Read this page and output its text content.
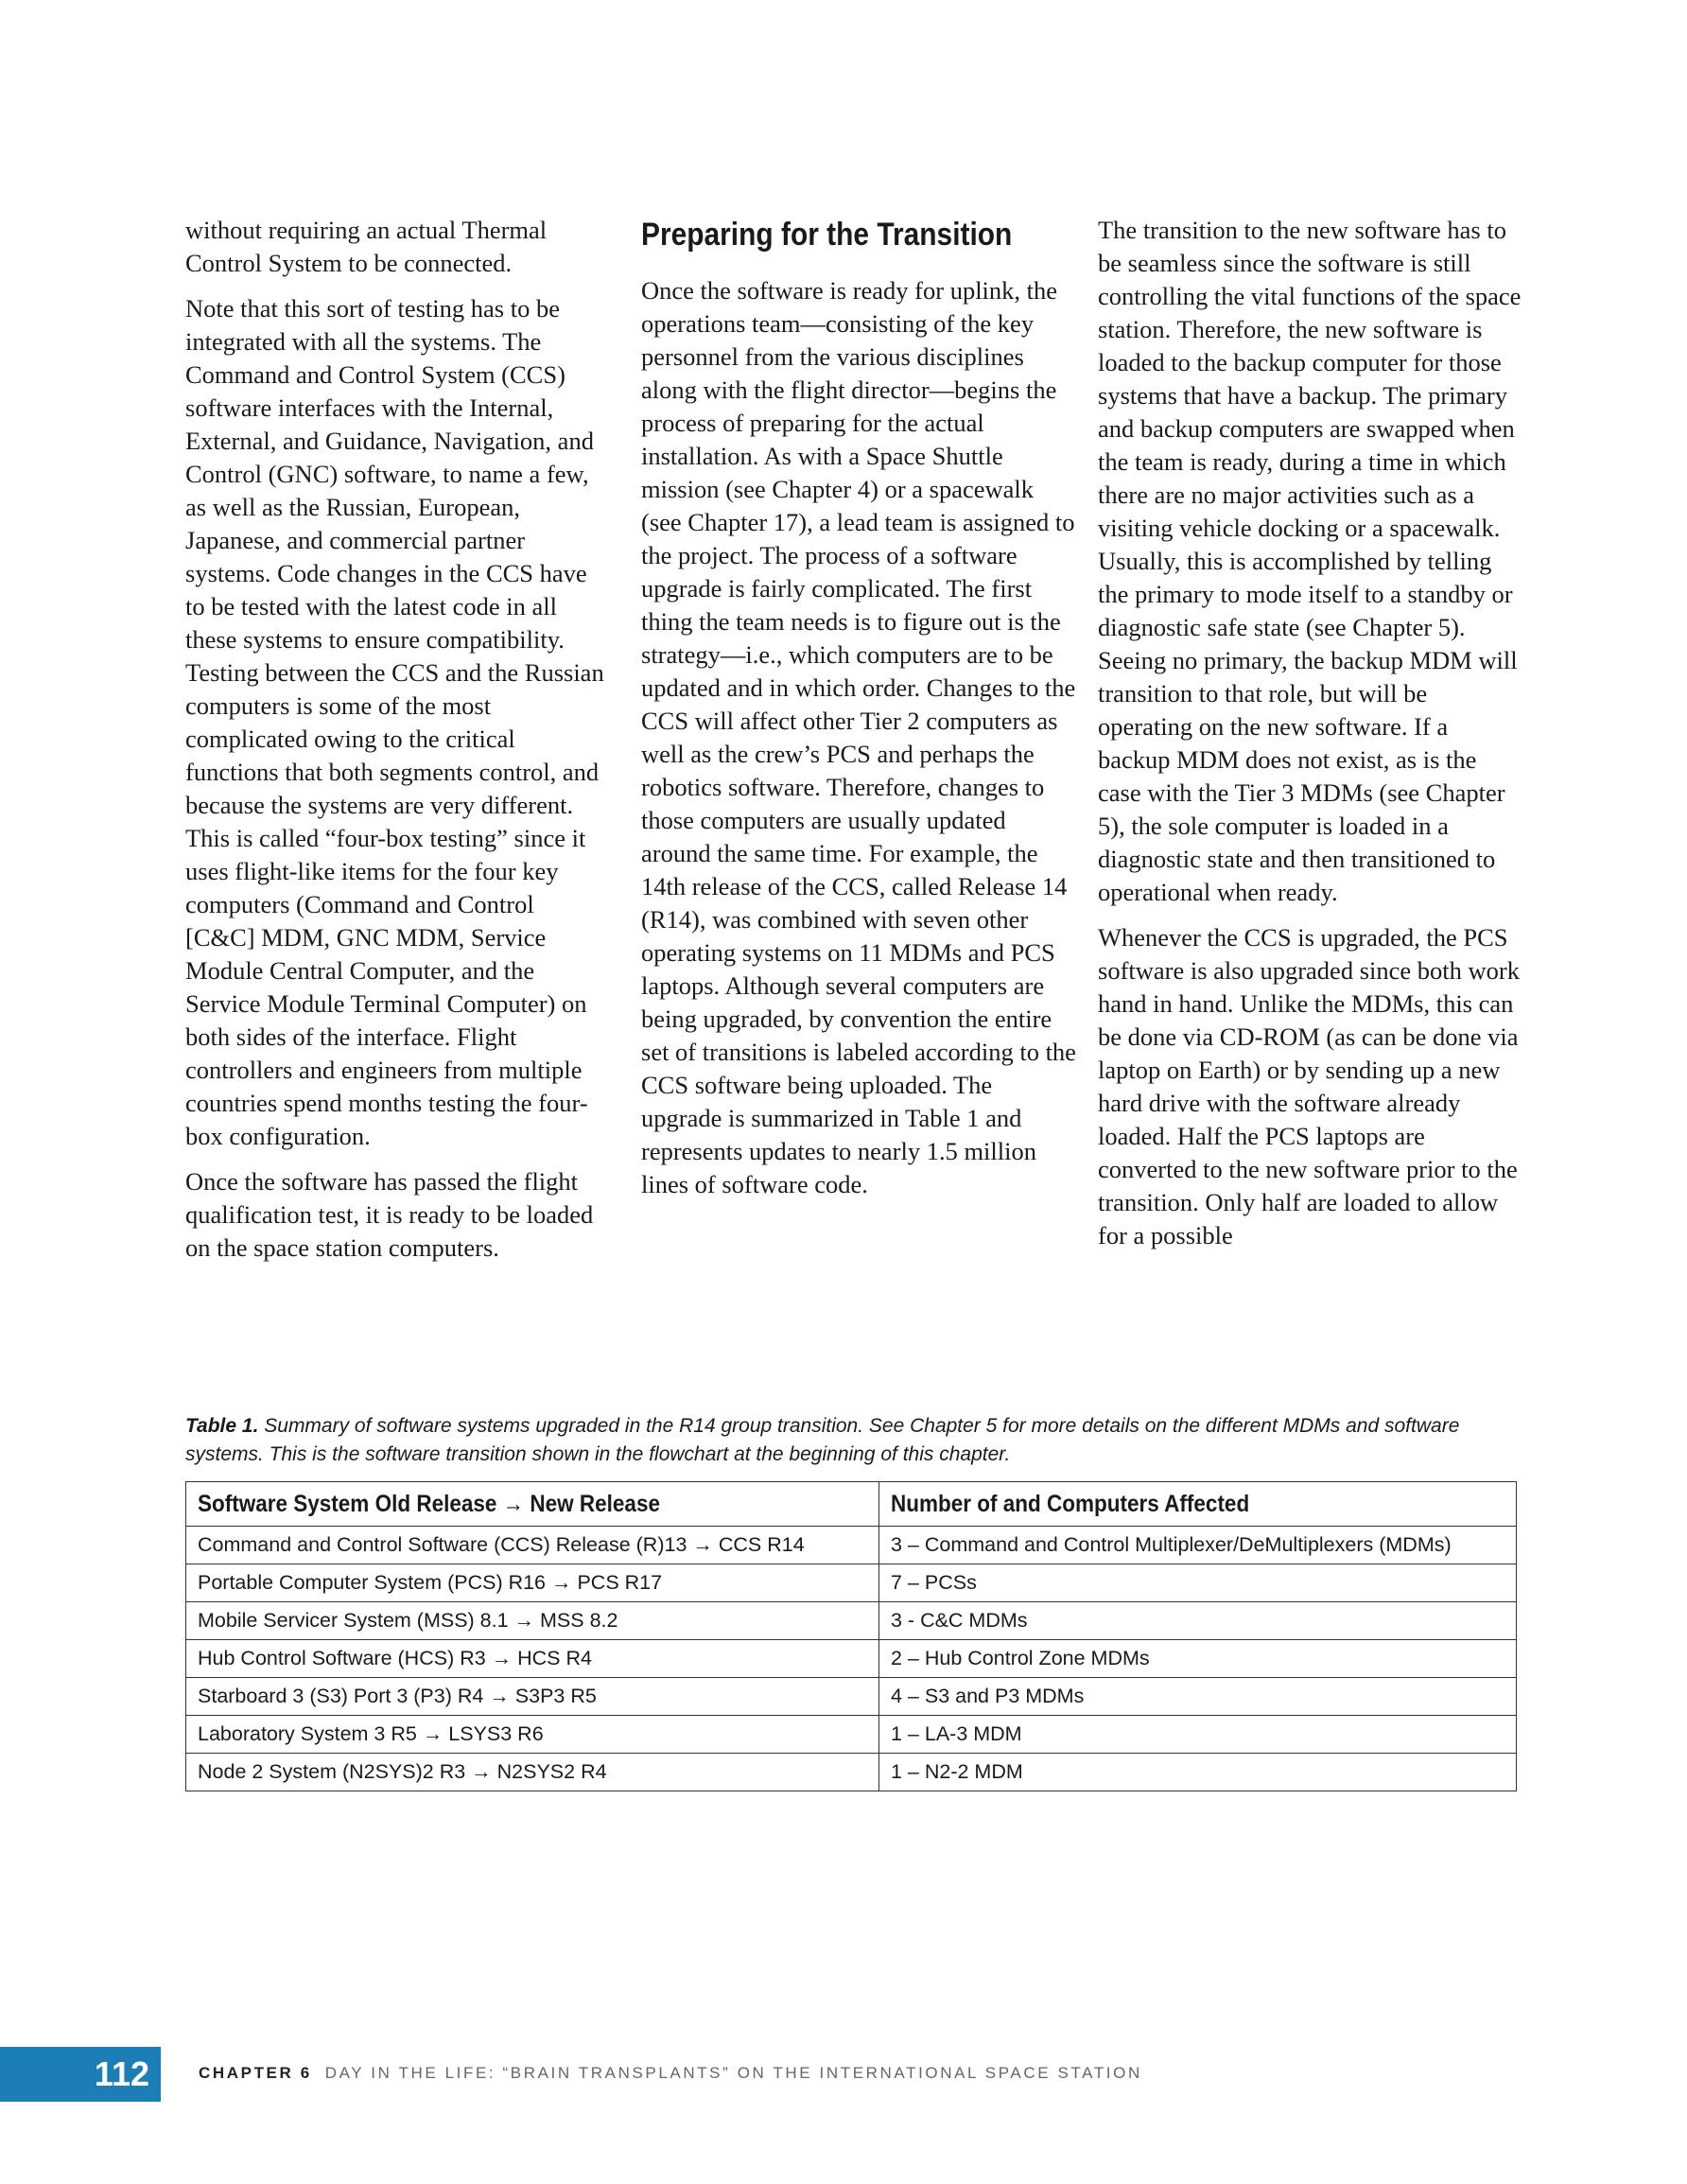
without requiring an actual Thermal Control System to be connected.

Note that this sort of testing has to be integrated with all the systems. The Command and Control System (CCS) software interfaces with the Internal, External, and Guidance, Navigation, and Control (GNC) software, to name a few, as well as the Russian, European, Japanese, and commercial partner systems. Code changes in the CCS have to be tested with the latest code in all these systems to ensure compatibility. Testing between the CCS and the Russian computers is some of the most complicated owing to the critical functions that both segments control, and because the systems are very different. This is called “four-box testing” since it uses flight-like items for the four key computers (Command and Control [C&C] MDM, GNC MDM, Service Module Central Computer, and the Service Module Terminal Computer) on both sides of the interface. Flight controllers and engineers from multiple countries spend months testing the four-box configuration.

Once the software has passed the flight qualification test, it is ready to be loaded on the space station computers.

Preparing for the Transition

Once the software is ready for uplink, the operations team—consisting of the key personnel from the various disciplines along with the flight director—begins the process of preparing for the actual installation. As with a Space Shuttle mission (see Chapter 4) or a spacewalk (see Chapter 17), a lead team is assigned to the project. The process of a software upgrade is fairly complicated. The first thing the team needs is to figure out is the strategy—i.e., which computers are to be updated and in which order. Changes to the CCS will affect other Tier 2 computers as well as the crew’s PCS and perhaps the robotics software. Therefore, changes to those computers are usually updated around the same time. For example, the 14th release of the CCS, called Release 14 (R14), was combined with seven other operating systems on 11 MDMs and PCS laptops. Although several computers are being upgraded, by convention the entire set of transitions is labeled according to the CCS software being uploaded. The upgrade is summarized in Table 1 and represents updates to nearly 1.5 million lines of software code.

The transition to the new software has to be seamless since the software is still controlling the vital functions of the space station. Therefore, the new software is loaded to the backup computer for those systems that have a backup. The primary and backup computers are swapped when the team is ready, during a time in which there are no major activities such as a visiting vehicle docking or a spacewalk. Usually, this is accomplished by telling the primary to mode itself to a standby or diagnostic safe state (see Chapter 5). Seeing no primary, the backup MDM will transition to that role, but will be operating on the new software. If a backup MDM does not exist, as is the case with the Tier 3 MDMs (see Chapter 5), the sole computer is loaded in a diagnostic state and then transitioned to operational when ready.

Whenever the CCS is upgraded, the PCS software is also upgraded since both work hand in hand. Unlike the MDMs, this can be done via CD-ROM (as can be done via laptop on Earth) or by sending up a new hard drive with the software already loaded. Half the PCS laptops are converted to the new software prior to the transition. Only half are loaded to allow for a possible

Table 1. Summary of software systems upgraded in the R14 group transition. See Chapter 5 for more details on the different MDMs and software systems. This is the software transition shown in the flowchart at the beginning of this chapter.
Software System Old Release → New Release	Number of and Computers Affected
Command and Control Software (CCS) Release (R)13 → CCS R14	3 – Command and Control Multiplexer/DeMultiplexers (MDMs)
Portable Computer System (PCS) R16 → PCS R17	7 – PCSs
Mobile Servicer System (MSS) 8.1 → MSS 8.2	3 - C&C MDMs
Hub Control Software (HCS) R3 → HCS R4	2 – Hub Control Zone MDMs
Starboard 3 (S3) Port 3 (P3) R4 → S3P3 R5	4 – S3 and P3 MDMs
Laboratory System 3 R5 → LSYS3 R6	1 – LA-3 MDM
Node 2 System (N2SYS)2 R3 → N2SYS2 R4	1 – N2-2 MDM
112	CHAPTER 6 DAY IN THE LIFE: “BRAIN TRANSPLANTS” ON THE INTERNATIONAL SPACE STATION
